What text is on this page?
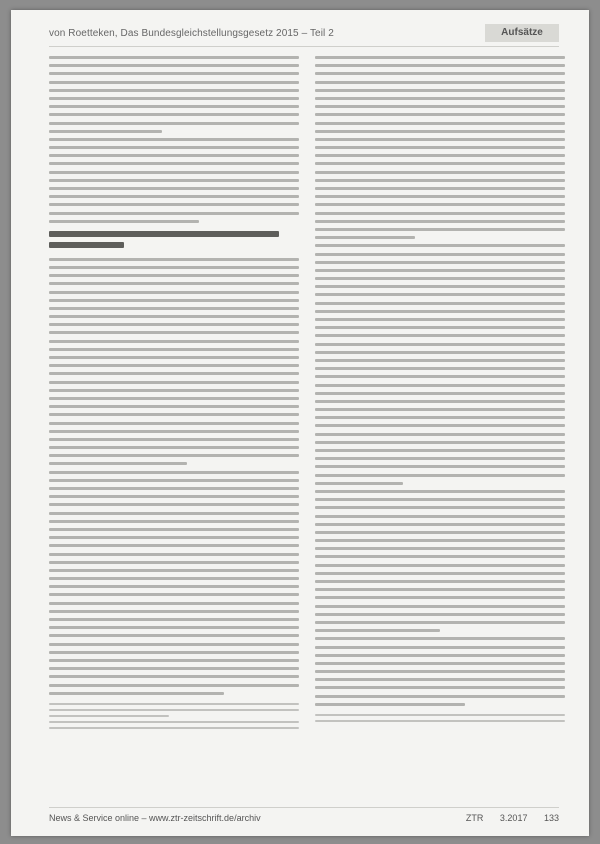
von Roetteken, Das Bundesgleichstellungsgesetz 2015 – Teil 2	Aufsätze
News & Service online – www.ztr-zeitschrift.de/archiv	ZTR 3.2017 133
